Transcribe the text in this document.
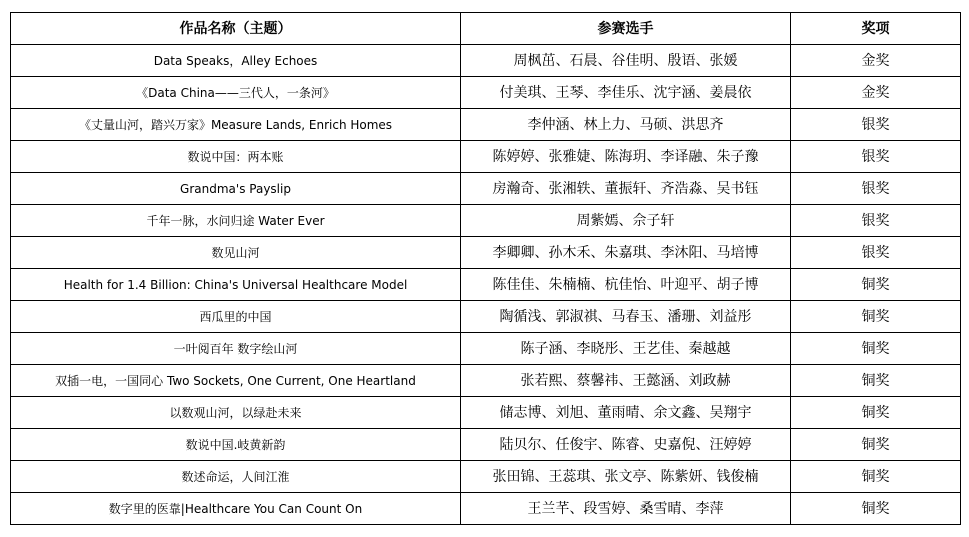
作品名称（主题）	参赛选手	奖项
Data Speaks，Alley Echoes	周枫茁、石晨、谷佳明、殷语、张媛	金奖
《Data China——三代人，一条河》	付美琪、王琴、李佳乐、沈宇涵、姜晨依	金奖
《丈量山河，踏兴万家》Measure Lands, Enrich Homes	李仲涵、林上力、马硕、洪思齐	银奖
数说中国：两本账	陈婷婷、张雅婕、陈海玥、李译融、朱子豫	银奖
Grandma's Payslip	房瀚奇、张湘轶、董振轩、齐浩淼、吴书钰	银奖
千年一脉，水问归途 Water Ever	周紫嫣、佘子轩	银奖
数见山河	李卿卿、孙木禾、朱嘉琪、李沐阳、马培博	银奖
Health for 1.4 Billion: China's Universal Healthcare Model	陈佳佳、朱楠楠、杭佳怡、叶迎平、胡子博	铜奖
西瓜里的中国	陶循浅、郭淑祺、马春玉、潘珊、刘益彤	铜奖
一叶阅百年 数字绘山河	陈子涵、李晓彤、王艺佳、秦越越	铜奖
双插一电，一国同心 Two Sockets, One Current, One Heartland	张若熙、蔡馨祎、王懿涵、刘政赫	铜奖
以数观山河，以绿赴未来	储志博、刘旭、董雨晴、余文鑫、吴翔宇	铜奖
数说中国.岐黄新韵	陆贝尔、任俊宇、陈睿、史嘉倪、汪婷婷	铜奖
数述命运，人间江淮	张田锦、王蕊琪、张文亭、陈紫妍、钱俊楠	铜奖
数字里的医靠|Healthcare You Can Count On	王兰芊、段雪婷、桑雪晴、李萍	铜奖
